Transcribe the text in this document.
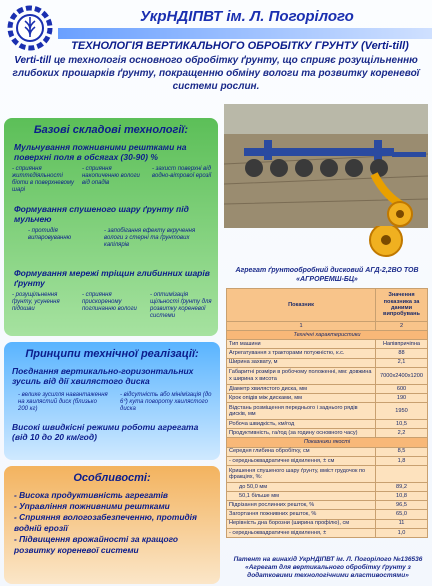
УкрНДІПВТ ім. Л. Погорілого
ТЕХНОЛОГІЯ ВЕРТИКАЛЬНОГО ОБРОБІТКУ ГРУНТУ (Verti-till)
Verti-till це технологія основного обробітку ґрунту, що сприяє розущільненню глибоких прошарків ґрунту, покращенню обміну вологи та розвитку кореневої системи рослин.
Базові складові технології:
Мульчування пожнивними рештками на поверхні поля в обсягах (30-90) %
- сприяння життєдіяльності біоти в поверхневому шарі
- сприяння накопиченню вологи від опадів
- захист поверхні від водно-вітрової ерозії
Формування спушеного шару ґрунту під мульчею
- протидія випаровуванню
- запобігання ефекту вкручення вологи з стерні та ґрунтових капілярів
Формування мережі тріщин глибинних шарів ґрунту
- розущільнення ґрунту, усунення підошви
- сприяння прискореному поглинанню вологи
- оптимізація щільності ґрунту для розвитку кореневої системи
Принципи технічної реалізації:
Поєднання вертикально-горизонтальних зусиль від дії хвилястого диска
- велике зусилля навантаження на хвилястий диск (близько 200 кг)
- відсутність або мінімізація (до 6⁰) кута повороту хвилястого диска
Високі швидкісні режими роботи агрегата (від 10 до 20 км/год)
Особливості:
- Висока продуктивність агрегатів
- Управління пожнивними рештками
- Сприяння вологозабезпеченню, протидія водній ерозії
- Підвищення врожайності за кращого розвитку кореневої системи
Агрегат ґрунтообробний дисковий АГД-2,2ВО ТОВ «АГРОРЕМШ-БЦ»
Показник	Значення показника за даними випробувань
1	2
Технічні характеристики	
Тип машини	Напівпричіпна
Агрегатування з тракторами потужністю, к.с.	88
Ширина захвату, м	2,1
Габаритні розміри в робочому положенні, мм: довжина х ширина х висота	7000х2400х1200
Діаметр хвилястого диска, мм	600
Крок опідів між дисками, мм	190
Відстань розміщення переднього і заднього рядів дисків, мм	1950
Робоча швидкість, км/год	10,5
Продуктивність, га/год (за годину основного часу)	2,2
Показники якості	
Середня глибина обробітку, см	8,5
- середньоквадратичне відхилення, ± см	1,8
Кришення спушеного шару ґрунту, вміст грудочок по фракціях, %:	
до 50,0 мм	89,2
50,1 більше мм	10,8
Підрізання рослинних решток, %	96,5
Загортання пожнивних решток, %	65,0
Нерівність дна борозни (ширина профілю), см	11
- середньоквадратичне відхилення, ±	1,0
Патент на винахід УкрНДІПВТ ім. Л. Погорілого №136536 «Агрегат для вертикального обробітку ґрунту з додатковими технологічними властивостями»
